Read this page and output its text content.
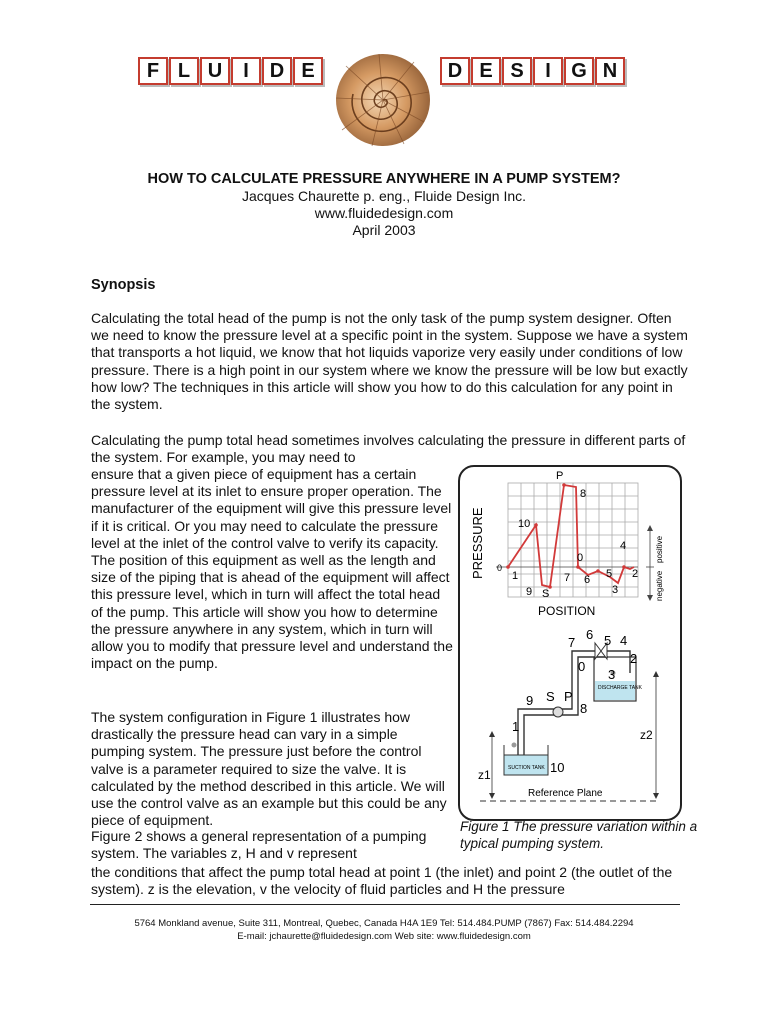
F L U	I	D E	D E S	I	G N
HOW TO CALCULATE PRESSURE ANYWHERE IN A PUMP SYSTEM?
Jacques Chaurette p. eng., Fluide Design Inc.
www.fluidedesign.com
April 2003
Synopsis

Calculating the total head of the pump is not the only task of the pump system designer. Often we need to know the pressure level at a specific point in the system. Suppose we have a system that transports a hot liquid, we know that hot liquids vaporize very easily under conditions of low pressure. There is a high point in our system where we know the pressure will be low but exactly how low? The techniques in this article will show you how to do this calculation for any point in the system.

Calculating the pump total head sometimes involves calculating the pressure in different parts of the system. For example, you may need to

ensure that a given piece of equipment has a certain pressure level at its inlet to ensure proper operation. The manufacturer of the equipment will give this pressure level if it is critical. Or you may need to calculate the pressure level at the inlet of the control valve to verify its capacity. The position of this equipment as well as the length and size of the piping that is ahead of the equipment will affect this pressure level, which in turn will affect the total head of the pump. This article will show you how to determine the pressure anywhere in any system, which in turn will allow you to modify that pressure level and understand the impact on the pump.

The system configuration in Figure 1 illustrates how drastically the pressure head can vary in a simple pumping system. The pressure just before the control valve is a parameter required to size the valve. It is calculated by the method described in this article. We will use the control valve as an example but this could be any piece of equipment.

Figure 2 shows a general representation of a pumping system. The variables z, H and v represent

the conditions that affect the pump total head at point 1 (the inlet) and point 2 (the outlet of the system). z is the elevation, v the velocity of fluid particles and H the pressure

PRESSURE
POSITION
0
P
8
10
0
4
1	7 6 5 2
9 S	3
positive
negative
DISCHARGE TANK
SUCTION TANK
7
6 5 4
0
2
3
9 S P
8
1
10
z1
z2
Reference Plane

Figure 1 The pressure variation within a typical pumping system.

5764 Monkland avenue, Suite 311, Montreal, Quebec, Canada H4A 1E9 Tel: 514.484.PUMP (7867) Fax: 514.484.2294
E-mail: jchaurette@fluidedesign.com Web site: www.fluidedesign.com
